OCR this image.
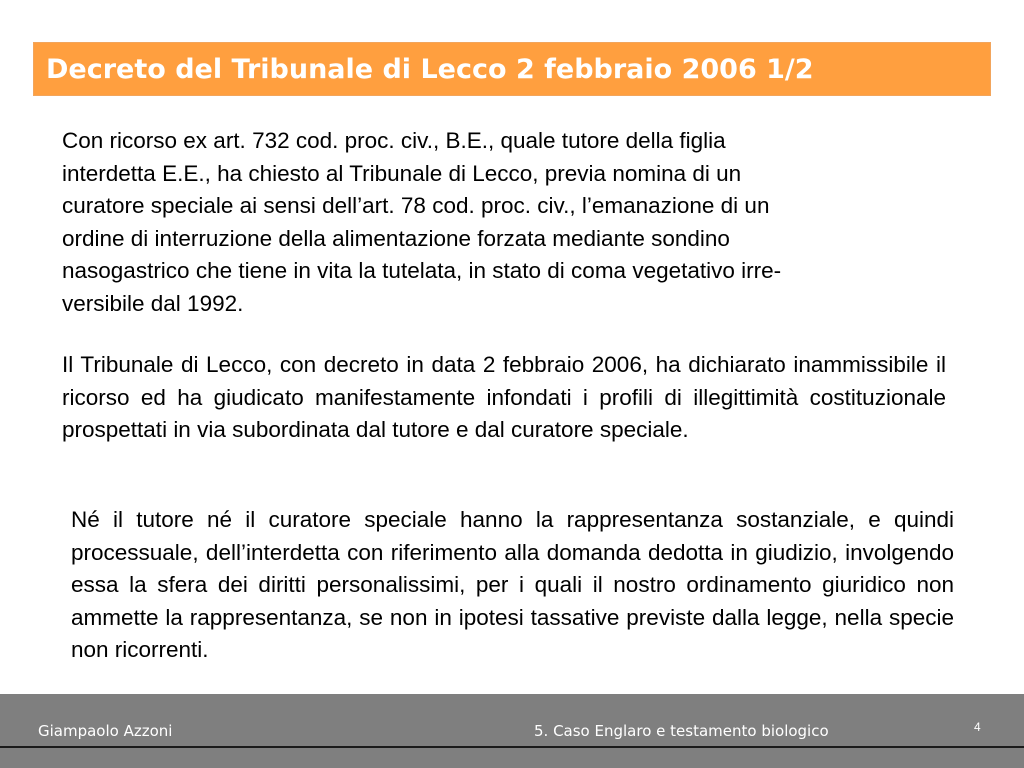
Decreto del Tribunale di Lecco 2 febbraio 2006 1/2

Con ricorso ex art. 732 cod. proc. civ., B.E., quale tutore della figlia
interdetta E.E., ha chiesto al Tribunale di Lecco, previa nomina di un
curatore speciale ai sensi dell’art. 78 cod. proc. civ., l’emanazione di un
ordine di interruzione della alimentazione forzata mediante sondino
nasogastrico che tiene in vita la tutelata, in stato di coma vegetativo irre-
versibile dal 1992.

Il Tribunale di Lecco, con decreto in data 2 febbraio 2006, ha dichiarato inammissibile il ricorso ed ha giudicato manifestamente infondati i profili di illegittimità costituzionale prospettati in via subordinata dal tutore e dal curatore speciale.

Né il tutore né il curatore speciale hanno la rappresentanza sostanziale, e quindi processuale, dell’interdetta con riferimento alla domanda dedotta in giudizio, involgendo essa la sfera dei diritti personalissimi, per i quali il nostro ordinamento giuridico non ammette la rappresentanza, se non in ipotesi tassative previste dalla legge, nella specie non ricorrenti.

Giampaolo Azzoni	5. Caso Englaro e testamento biologico	4
